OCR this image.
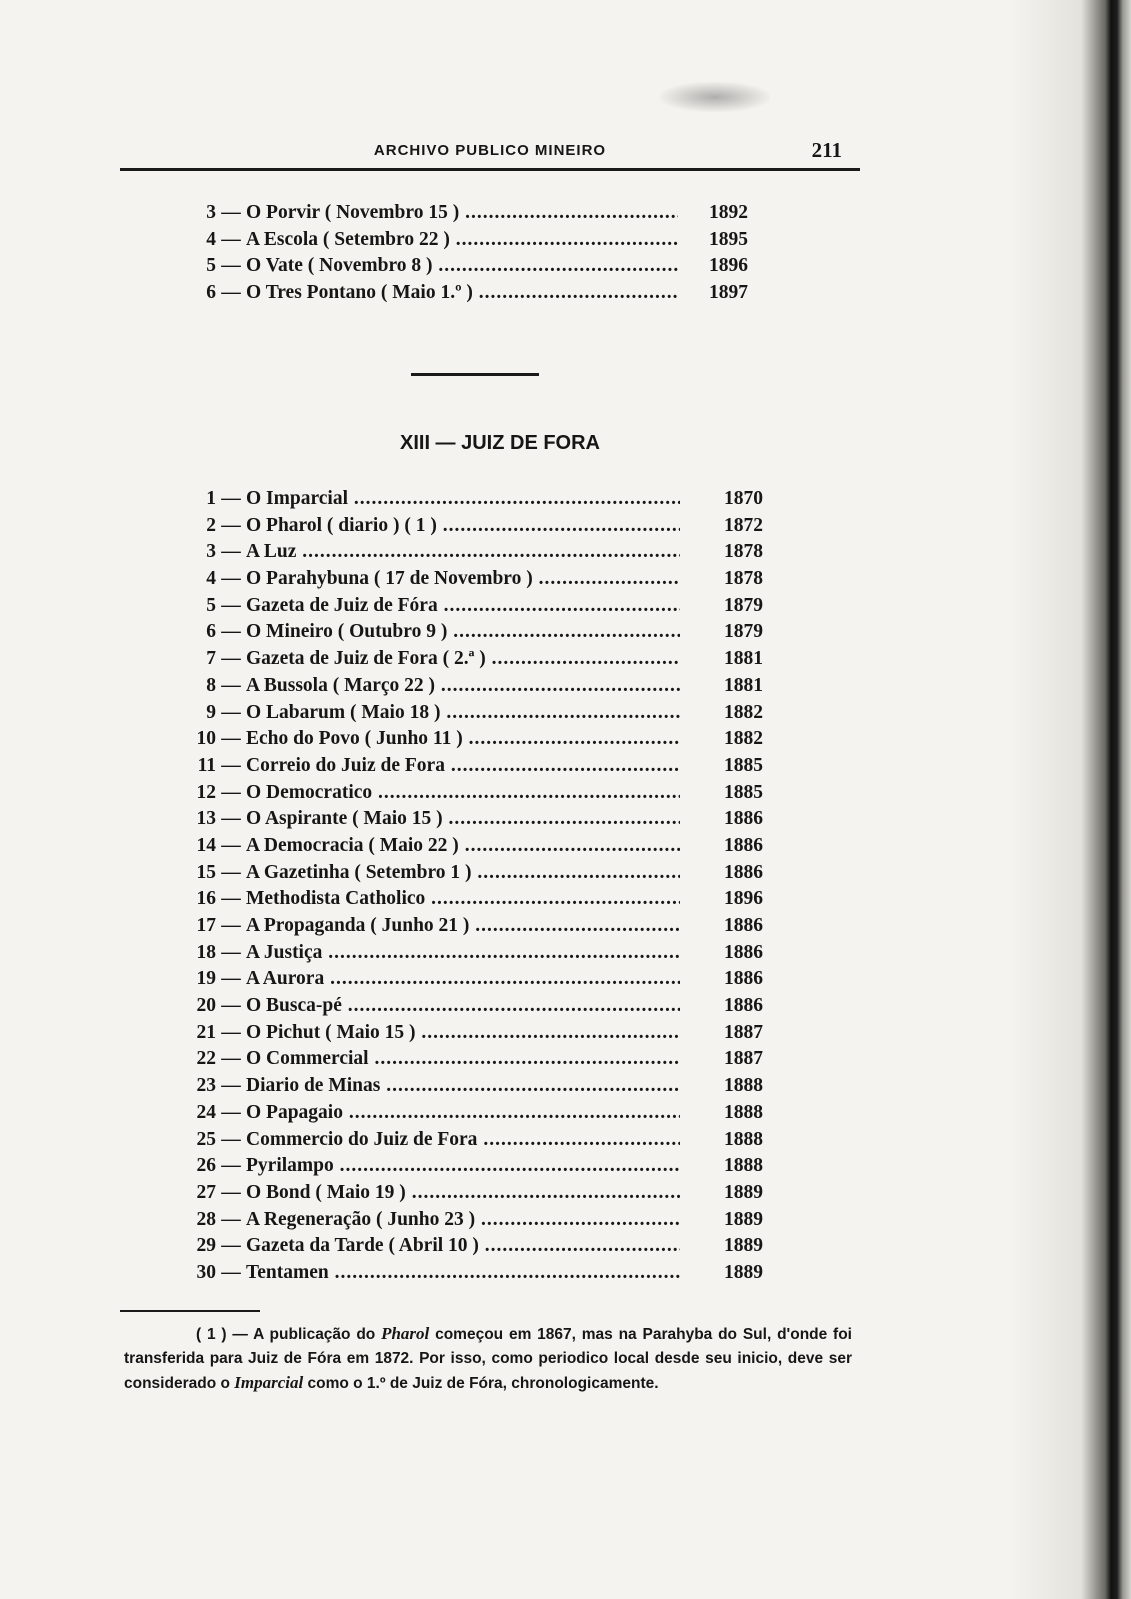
ARCHIVO PUBLICO MINEIRO	211
3 — O Porvir ( Novembro 15 ) .....	1892
4 — A Escola ( Setembro 22 ) .....	1895
5 — O Vate ( Novembro 8 ) .....	1896
6 — O Tres Pontano ( Maio 1.º ) .....	1897
XIII — JUIZ DE FORA
1 — O Imparcial .....	1870
2 — O Pharol ( diario ) ( 1 ) .....	1872
3 — A Luz .....	1878
4 — O Parahybuna ( 17 de Novembro ) .....	1878
5 — Gazeta de Juiz de Fóra .....	1879
6 — O Mineiro ( Outubro 9 ) .....	1879
7 — Gazeta de Juiz de Fora ( 2.ª ) .....	1881
8 — A Bussola ( Março 22 ) .....	1881
9 — O Labarum ( Maio 18 ) .....	1882
10 — Echo do Povo ( Junho 11 ) .....	1882
11 — Correio do Juiz de Fora .....	1885
12 — O Democratico .....	1885
13 — O Aspirante ( Maio 15 ) .....	1886
14 — A Democracia ( Maio 22 ) .....	1886
15 — A Gazetinha ( Setembro 1 ) .....	1886
16 — Methodista Catholico .....	1896
17 — A Propaganda ( Junho 21 ) .....	1886
18 — A Justiça .....	1886
19 — A Aurora .....	1886
20 — O Busca-pé .....	1886
21 — O Pichut ( Maio 15 ) .....	1887
22 — O Commercial .....	1887
23 — Diario de Minas .....	1888
24 — O Papagaio .....	1888
25 — Commercio do Juiz de Fora .....	1888
26 — Pyrilampo .....	1888
27 — O Bond ( Maio 19 ) .....	1889
28 — A Regeneração ( Junho 23 ) .....	1889
29 — Gazeta da Tarde ( Abril 10 ) .....	1889
30 — Tentamen .....	1889
( 1 ) — A publicação do Pharol começou em 1867, mas na Parahyba do Sul, d'onde foi transferida para Juiz de Fóra em 1872. Por isso, como periodico local desde seu inicio, deve ser considerado o Imparcial como o 1.º de Juiz de Fóra, chronologicamente.
